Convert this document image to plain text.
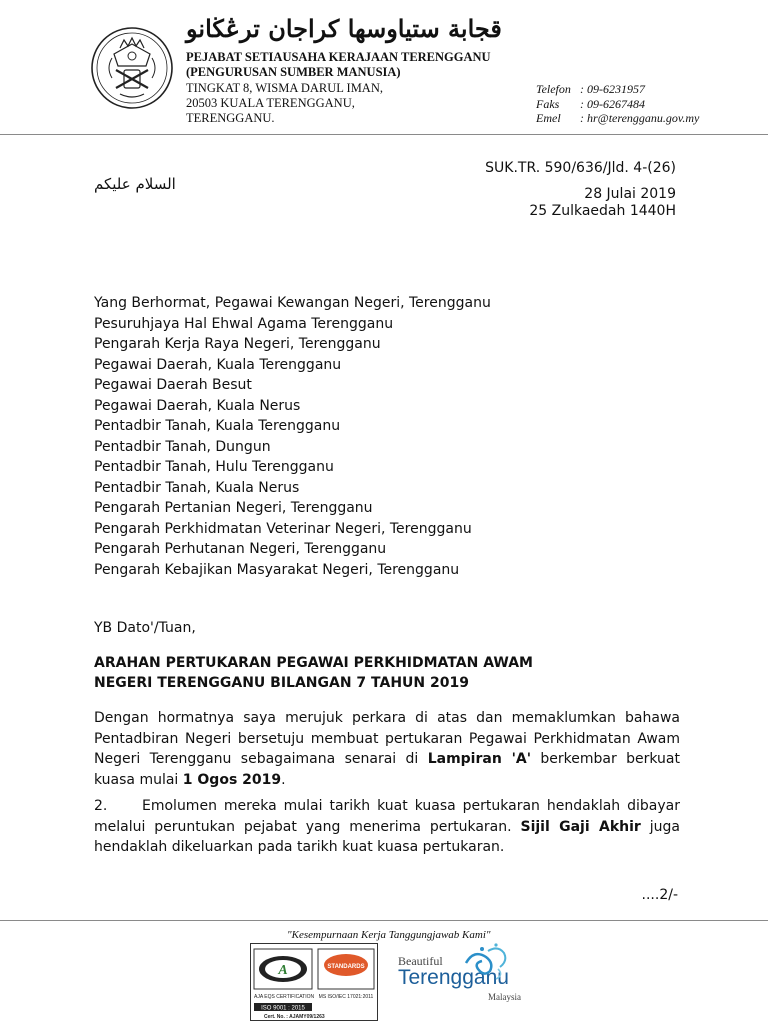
قجابة ستياوسها كراجان ترڠڬانو
PEJABAT SETIAUSAHA KERAJAAN TERENGGANU
(PENGURUSAN SUMBER MANUSIA)
TINGKAT 8, WISMA DARUL IMAN,
20503 KUALA TERENGGANU,
TERENGGANU.
Telefon : 09-6231957
Faks : 09-6267484
Emel : hr@terengganu.gov.my
SUK.TR. 590/636/Jld. 4-(26)
السلام عليكم
28 Julai 2019
25 Zulkaedah 1440H
Yang Berhormat, Pegawai Kewangan Negeri, Terengganu
Pesuruhjaya Hal Ehwal Agama Terengganu
Pengarah Kerja Raya Negeri, Terengganu
Pegawai Daerah, Kuala Terengganu
Pegawai Daerah Besut
Pegawai Daerah, Kuala Nerus
Pentadbir Tanah, Kuala Terengganu
Pentadbir Tanah, Dungun
Pentadbir Tanah, Hulu Terengganu
Pentadbir Tanah, Kuala Nerus
Pengarah Pertanian Negeri, Terengganu
Pengarah Perkhidmatan Veterinar Negeri, Terengganu
Pengarah Perhutanan Negeri, Terengganu
Pengarah Kebajikan Masyarakat Negeri, Terengganu
YB Dato'/Tuan,
ARAHAN PERTUKARAN PEGAWAI PERKHIDMATAN AWAM
NEGERI TERENGGANU BILANGAN 7 TAHUN 2019
Dengan hormatnya saya merujuk perkara di atas dan memaklumkan bahawa Pentadbiran Negeri bersetuju membuat pertukaran Pegawai Perkhidmatan Awam Negeri Terengganu sebagaimana senarai di Lampiran 'A' berkembar berkuat kuasa mulai 1 Ogos 2019.
2. Emolumen mereka mulai tarikh kuat kuasa pertukaran hendaklah dibayar melalui peruntukan pejabat yang menerima pertukaran. Sijil Gaji Akhir juga hendaklah dikeluarkan pada tarikh kuat kuasa pertukaran.
....2/-
"Kesempurnaan Kerja Tanggungjawab Kami"
A
AJA EQS CERTIFICATION
ISO 9001 : 2015
Cert. No. : AJAMY09/1263
STANDARDS
MS ISO/IEC 17021:2011
Beautiful
Terengganu
Malaysia
